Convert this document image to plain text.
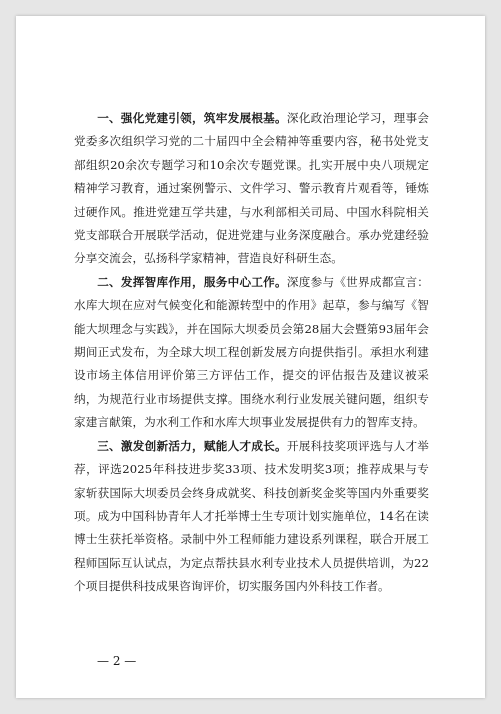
一、强化党建引领，筑牢发展根基。深化政治理论学习，理事会党委多次组织学习党的二十届四中全会精神等重要内容，秘书处党支部组织20余次专题学习和10余次专题党课。扎实开展中央八项规定精神学习教育，通过案例警示、文件学习、警示教育片观看等，锤炼过硬作风。推进党建互学共建，与水利部相关司局、中国水科院相关党支部联合开展联学活动，促进党建与业务深度融合。承办党建经验分享交流会，弘扬科学家精神，营造良好科研生态。

二、发挥智库作用，服务中心工作。深度参与《世界成都宣言：水库大坝在应对气候变化和能源转型中的作用》起草，参与编写《智能大坝理念与实践》，并在国际大坝委员会第28届大会暨第93届年会期间正式发布，为全球大坝工程创新发展方向提供指引。承担水利建设市场主体信用评价第三方评估工作，提交的评估报告及建议被采纳，为规范行业市场提供支撑。围绕水利行业发展关键问题，组织专家建言献策，为水利工作和水库大坝事业发展提供有力的智库支持。

三、激发创新活力，赋能人才成长。开展科技奖项评选与人才举荐，评选2025年科技进步奖33项、技术发明奖3项；推荐成果与专家斩获国际大坝委员会终身成就奖、科技创新奖金奖等国内外重要奖项。成为中国科协青年人才托举博士生专项计划实施单位，14名在读博士生获托举资格。录制中外工程师能力建设系列课程，联合开展工程师国际互认试点，为定点帮扶县水利专业技术人员提供培训，为22个项目提供科技成果咨询评价，切实服务国内外科技工作者。

— 2 —
